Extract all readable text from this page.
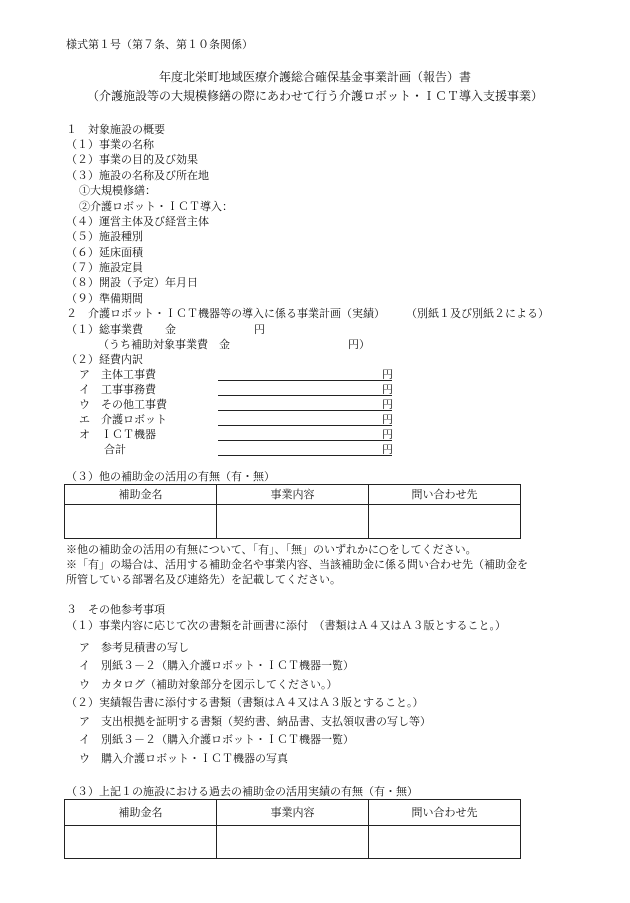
様式第１号（第７条、第１０条関係）
年度北栄町地域医療介護総合確保基金事業計画（報告）書
（介護施設等の大規模修繕の際にあわせて行う介護ロボット・ＩＣＴ導入支援事業）
１　対象施設の概要
（１）事業の名称
（２）事業の目的及び効果
（３）施設の名称及び所在地
①大規模修繕：
②介護ロボット・ＩＣＴ導入：
（４）運営主体及び経営主体
（５）施設種別
（６）延床面積
（７）施設定員
（８）開設（予定）年月日
（９）準備期間
２　介護ロボット・ＩＣＴ機器等の導入に係る事業計画（実績） （別紙１及び別紙２による）
（１）総事業費　　金	円
（うち補助対象事業費　金	円）
（２）経費内訳
ア　主体工事費	円
イ　工事事務費	円
ウ　その他工事費	円
エ　介護ロボット	円
オ　ＩＣＴ機器	円
合計	円
（３）他の補助金の活用の有無（有・無）
補助金名	事業内容	問い合わせ先

※他の補助金の活用の有無について、「有」、「無」のいずれかに○をしてください。
※「有」の場合は、活用する補助金名や事業内容、当該補助金に係る問い合わせ先（補助金を
所管している部署名及び連絡先）を記載してください。
３　その他参考事項
（１）事業内容に応じて次の書類を計画書に添付　（書類はＡ４又はＡ３版とすること。）
ア　参考見積書の写し
イ　別紙３－２（購入介護ロボット・ＩＣＴ機器一覧）
ウ　カタログ（補助対象部分を図示してください。）
（２）実績報告書に添付する書類（書類はＡ４又はＡ３版とすること。）
ア　支出根拠を証明する書類（契約書、納品書、支払領収書の写し等）
イ　別紙３－２（購入介護ロボット・ＩＣＴ機器一覧）
ウ　購入介護ロボット・ＩＣＴ機器の写真
（３）上記１の施設における過去の補助金の活用実績の有無（有・無）
補助金名	事業内容	問い合わせ先
